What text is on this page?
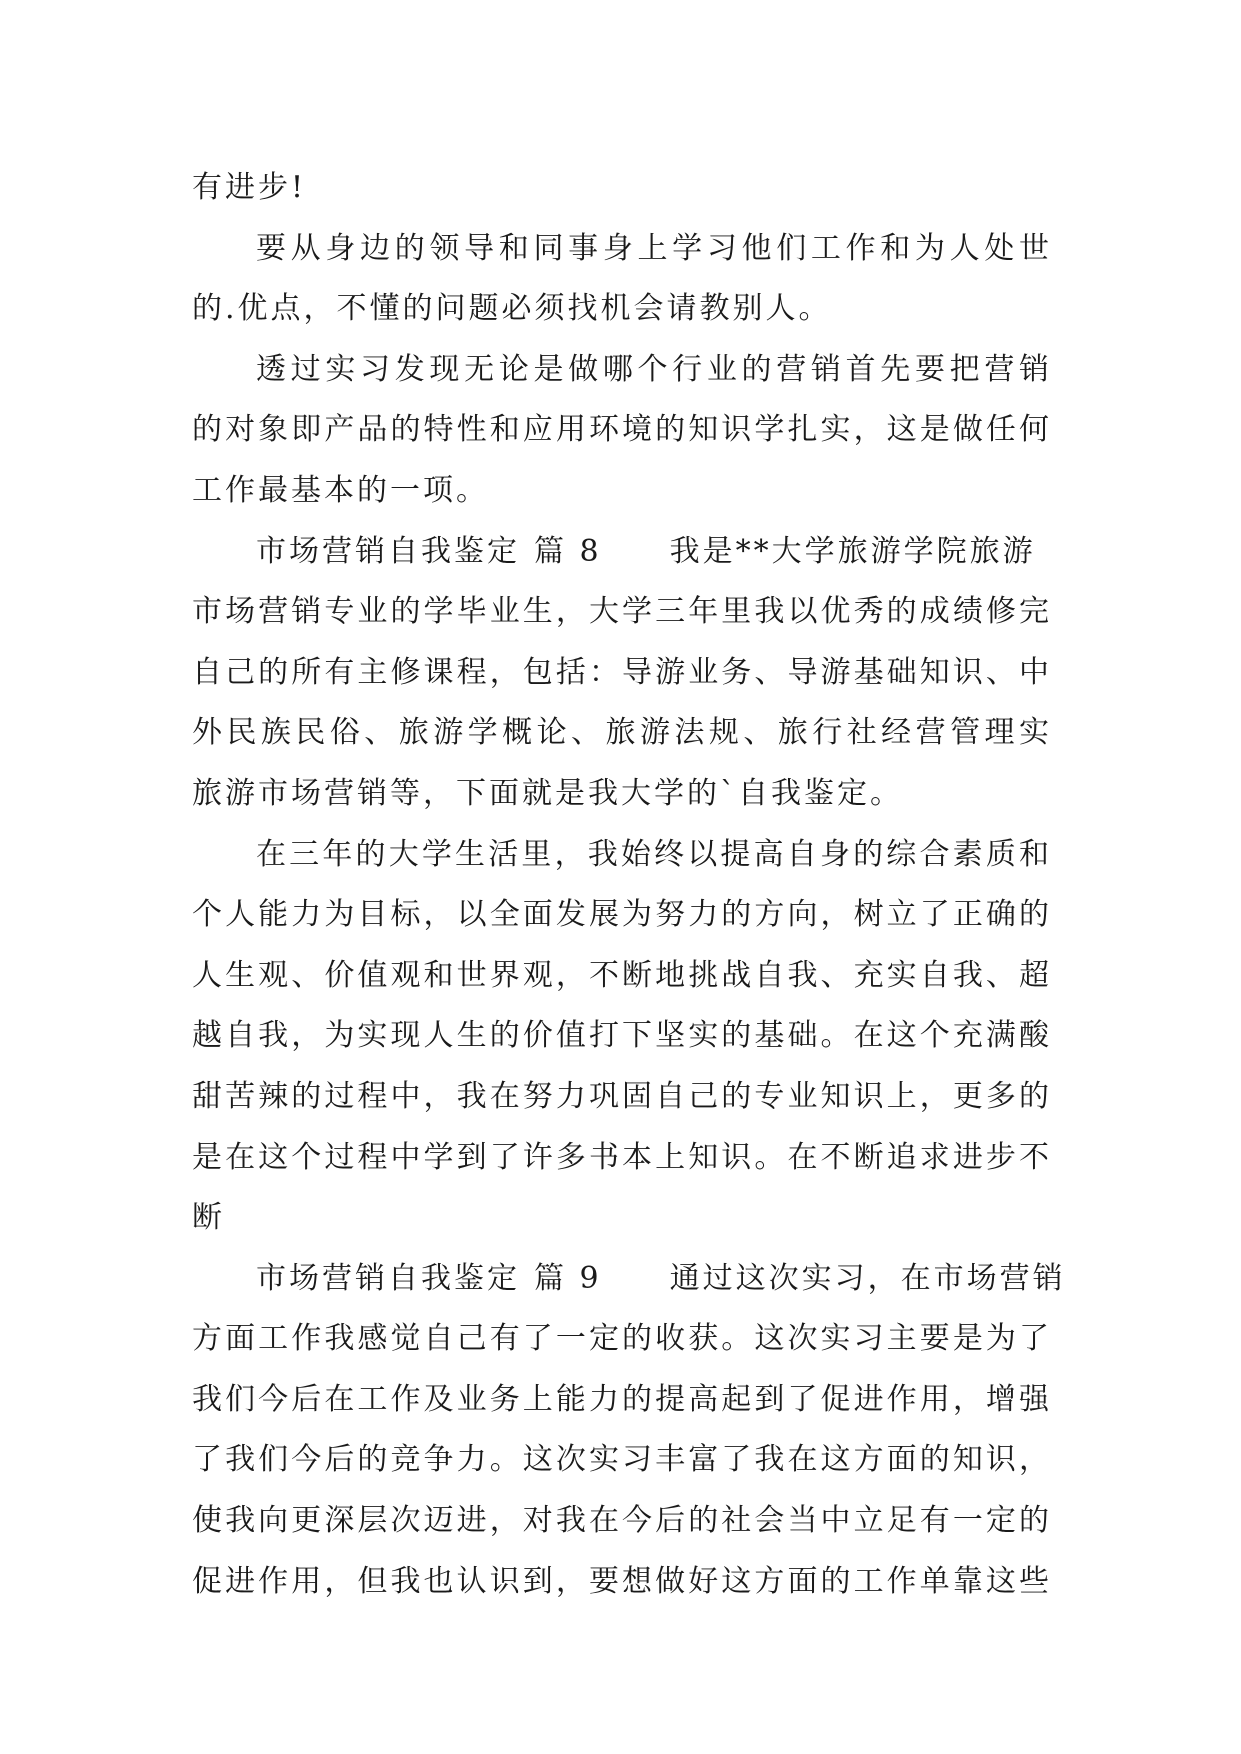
有进步!
要从身边的领导和同事身上学习他们工作和为人处世
的.优点，不懂的问题必须找机会请教别人。
透过实习发现无论是做哪个行业的营销首先要把营销
的对象即产品的特性和应用环境的知识学扎实，这是做任何
工作最基本的一项。
市场营销自我鉴定 篇 8 我是**大学旅游学院旅游
市场营销专业的学毕业生，大学三年里我以优秀的成绩修完
自己的所有主修课程，包括：导游业务、导游基础知识、中
外民族民俗、旅游学概论、旅游法规、旅行社经营管理实
旅游市场营销等，下面就是我大学的`自我鉴定。
在三年的大学生活里，我始终以提高自身的综合素质和
个人能力为目标，以全面发展为努力的方向，树立了正确的
人生观、价值观和世界观，不断地挑战自我、充实自我、超
越自我，为实现人生的价值打下坚实的基础。在这个充满酸
甜苦辣的过程中，我在努力巩固自己的专业知识上，更多的
是在这个过程中学到了许多书本上知识。在不断追求进步不
断
市场营销自我鉴定 篇 9 通过这次实习，在市场营销
方面工作我感觉自己有了一定的收获。这次实习主要是为了
我们今后在工作及业务上能力的提高起到了促进作用，增强
了我们今后的竞争力。这次实习丰富了我在这方面的知识，
使我向更深层次迈进，对我在今后的社会当中立足有一定的
促进作用，但我也认识到，要想做好这方面的工作单靠这些
